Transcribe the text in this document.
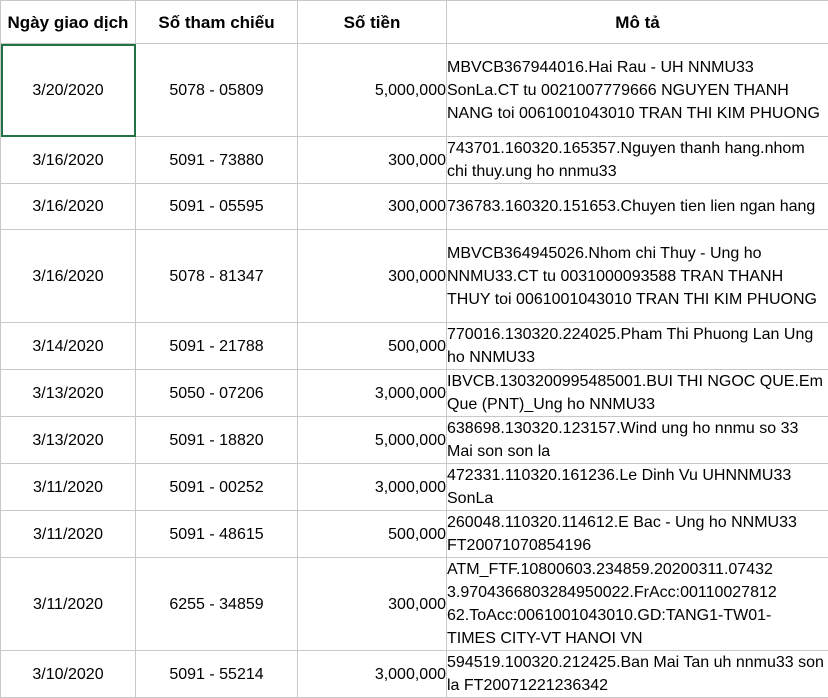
Ngày giao dịch	Số tham chiếu	Số tiền	Mô tả
3/20/2020	5078 - 05809	5,000,000	MBVCB367944016.Hai Rau - UH NNMU33 SonLa.CT tu 0021007779666 NGUYEN THANH NANG toi 0061001043010 TRAN THI KIM PHUONG
3/16/2020	5091 - 73880	300,000	743701.160320.165357.Nguyen thanh hang.nhom chi thuy.ung ho nnmu33
3/16/2020	5091 - 05595	300,000	736783.160320.151653.Chuyen tien lien ngan hang
3/16/2020	5078 - 81347	300,000	MBVCB364945026.Nhom chi Thuy - Ung ho NNMU33.CT tu 0031000093588 TRAN THANH THUY toi 0061001043010 TRAN THI KIM PHUONG
3/14/2020	5091 - 21788	500,000	770016.130320.224025.Pham Thi Phuong Lan Ung ho NNMU33
3/13/2020	5050 - 07206	3,000,000	IBVCB.1303200995485001.BUI THI NGOC QUE.Em Que (PNT)_Ung ho NNMU33
3/13/2020	5091 - 18820	5,000,000	638698.130320.123157.Wind ung ho nnmu so 33 Mai son son la
3/11/2020	5091 - 00252	3,000,000	472331.110320.161236.Le Dinh Vu UHNNMU33 SonLa
3/11/2020	5091 - 48615	500,000	260048.110320.114612.E Bac - Ung ho NNMU33 FT20071070854196
3/11/2020	6255 - 34859	300,000	ATM_FTF.10800603.234859.20200311.07432
3.9704366803284950022.FrAcc:00110027812
62.ToAcc:0061001043010.GD:TANG1-TW01-
TIMES CITY-VT HANOI VN
3/10/2020	5091 - 55214	3,000,000	594519.100320.212425.Ban Mai Tan uh nnmu33 son la FT20071221236342
